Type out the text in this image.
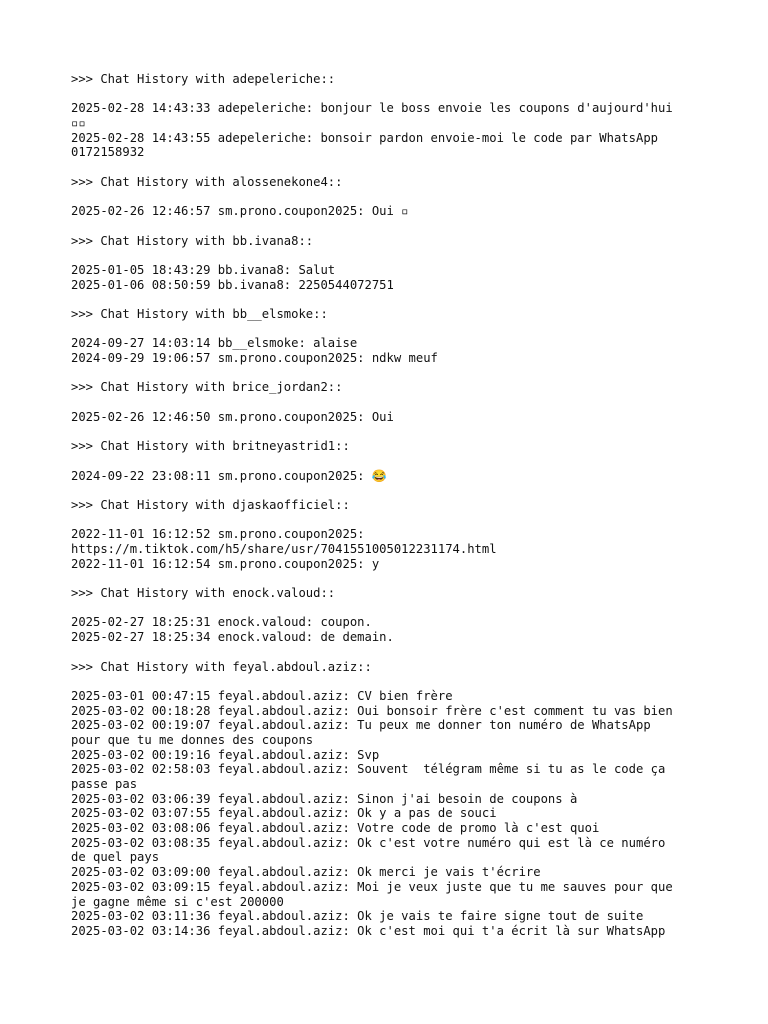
>>> Chat History with adepeleriche::
2025-02-28 14:43:33 adepeleriche: bonjour le boss envoie les coupons d'aujourd'hui
▫▫
2025-02-28 14:43:55 adepeleriche: bonsoir pardon envoie-moi le code par WhatsApp
0172158932
>>> Chat History with alossenekone4::
2025-02-26 12:46:57 sm.prono.coupon2025: Oui ▫
>>> Chat History with bb.ivana8::
2025-01-05 18:43:29 bb.ivana8: Salut
2025-01-06 08:50:59 bb.ivana8: 2250544072751
>>> Chat History with bb__elsmoke::
2024-09-27 14:03:14 bb__elsmoke: alaise
2024-09-29 19:06:57 sm.prono.coupon2025: ndkw meuf
>>> Chat History with brice_jordan2::
2025-02-26 12:46:50 sm.prono.coupon2025: Oui
>>> Chat History with britneyastrid1::
2024-09-22 23:08:11 sm.prono.coupon2025: 😂
>>> Chat History with djaskaofficiel::
2022-11-01 16:12:52 sm.prono.coupon2025:
https://m.tiktok.com/h5/share/usr/7041551005012231174.html
2022-11-01 16:12:54 sm.prono.coupon2025: y
>>> Chat History with enock.valoud::
2025-02-27 18:25:31 enock.valoud: coupon.
2025-02-27 18:25:34 enock.valoud: de demain.
>>> Chat History with feyal.abdoul.aziz::
2025-03-01 00:47:15 feyal.abdoul.aziz: CV bien frère
2025-03-02 00:18:28 feyal.abdoul.aziz: Oui bonsoir frère c'est comment tu vas bien
2025-03-02 00:19:07 feyal.abdoul.aziz: Tu peux me donner ton numéro de WhatsApp
pour que tu me donnes des coupons
2025-03-02 00:19:16 feyal.abdoul.aziz: Svp
2025-03-02 02:58:03 feyal.abdoul.aziz: Souvent  télégram même si tu as le code ça
passe pas
2025-03-02 03:06:39 feyal.abdoul.aziz: Sinon j'ai besoin de coupons à
2025-03-02 03:07:55 feyal.abdoul.aziz: Ok y a pas de souci
2025-03-02 03:08:06 feyal.abdoul.aziz: Votre code de promo là c'est quoi
2025-03-02 03:08:35 feyal.abdoul.aziz: Ok c'est votre numéro qui est là ce numéro
de quel pays
2025-03-02 03:09:00 feyal.abdoul.aziz: Ok merci je vais t'écrire
2025-03-02 03:09:15 feyal.abdoul.aziz: Moi je veux juste que tu me sauves pour que
je gagne même si c'est 200000
2025-03-02 03:11:36 feyal.abdoul.aziz: Ok je vais te faire signe tout de suite
2025-03-02 03:14:36 feyal.abdoul.aziz: Ok c'est moi qui t'a écrit là sur WhatsApp
